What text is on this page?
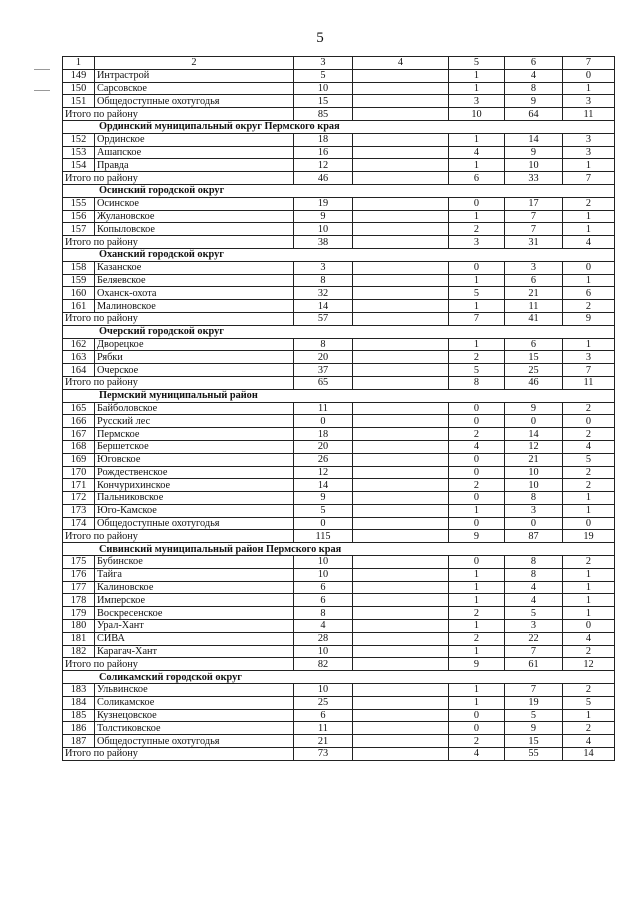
5
1	2	3	4	5	6	7
149	Интрастрой	5		1	4	0
150	Сарсовское	10		1	8	1
151	Общедоступные охотугодья	15		3	9	3
Итого по району		85		10	64	11
Ординский муниципальный округ Пермского края						
152	Ординское	18		1	14	3
153	Ашапское	16		4	9	3
154	Правда	12		1	10	1
Итого по району		46		6	33	7
Осинский городской округ						
155	Осинское	19		0	17	2
156	Жулановское	9		1	7	1
157	Копыловское	10		2	7	1
Итого по району		38		3	31	4
Оханский городской округ						
158	Казанское	3		0	3	0
159	Беляевское	8		1	6	1
160	Оханск-охота	32		5	21	6
161	Малиновское	14		1	11	2
Итого по району		57		7	41	9
Очерский городской округ						
162	Дворецкое	8		1	6	1
163	Рябки	20		2	15	3
164	Очерское	37		5	25	7
Итого по району		65		8	46	11
Пермский муниципальный район						
165	Байболовское	11		0	9	2
166	Русский лес	0		0	0	0
167	Пермское	18		2	14	2
168	Бершетское	20		4	12	4
169	Юговское	26		0	21	5
170	Рождественское	12		0	10	2
171	Кончурихинское	14		2	10	2
172	Пальниковское	9		0	8	1
173	Юго-Камское	5		1	3	1
174	Общедоступные охотугодья	0		0	0	0
Итого по району		115		9	87	19
Сивинский муниципальный район Пермского края						
175	Бубинское	10		0	8	2
176	Тайга	10		1	8	1
177	Калиновское	6		1	4	1
178	Имперское	6		1	4	1
179	Воскресенское	8		2	5	1
180	Урал-Хант	4		1	3	0
181	СИВА	28		2	22	4
182	Карагач-Хант	10		1	7	2
Итого по району		82		9	61	12
Соликамский городской округ						
183	Ульвинское	10		1	7	2
184	Соликамское	25		1	19	5
185	Кузнецовское	6		0	5	1
186	Толстиковское	11		0	9	2
187	Общедоступные охотугодья	21		2	15	4
Итого по району		73		4	55	14
